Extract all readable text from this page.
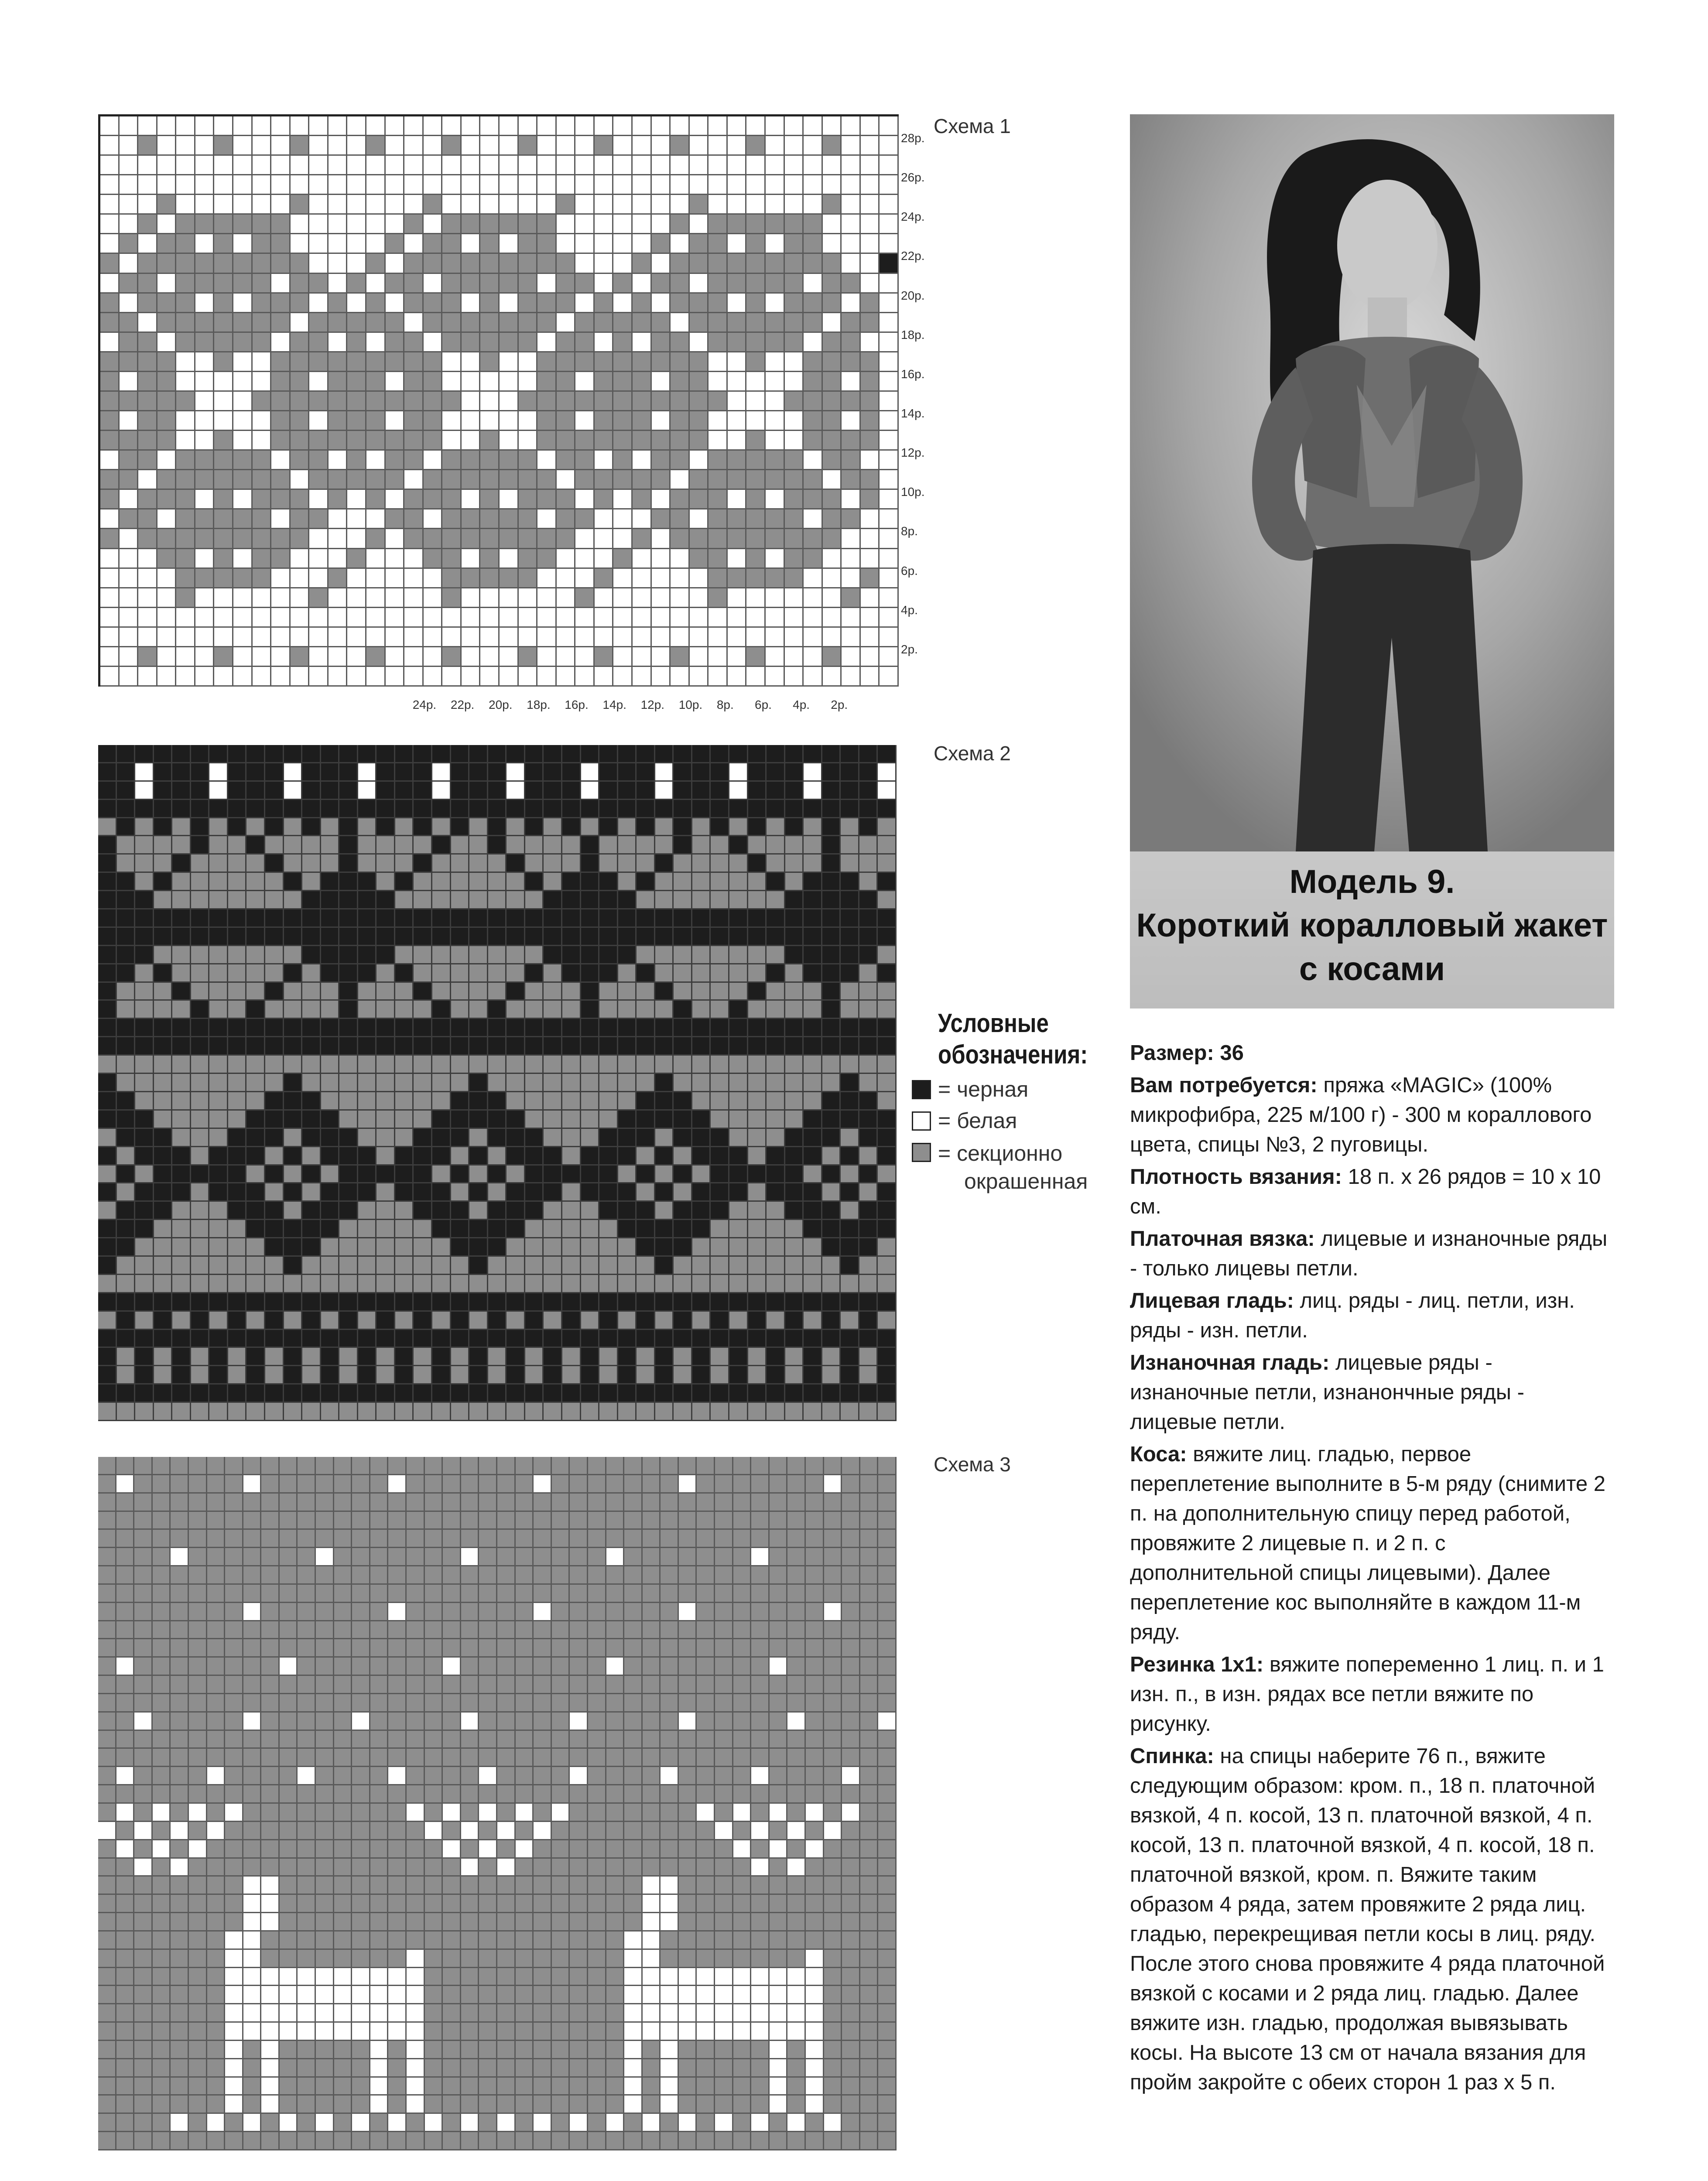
Схема 1
Схема 2
Схема 3
28р.
26р.
24р.
22р.
20р.
18р.
16р.
14р.
12р.
10р.
8р.
6р.
4р.
2р.
24р. 22р. 20р. 18р. 16р. 14р. 12р. 10р. 8р. 6р. 4р. 2р.
Условные
обозначения:
= черная
= белая
= секционно
окрашенная
Модель 9.
Короткий коралловый жакет
с косами

Размер: 36

Вам потребуется: пряжа «MAGIC» (100% микрофибра, 225 м/100 г) - 300 м кораллового цвета, спицы №3, 2 пуговицы.

Плотность вязания: 18 п. х 26 рядов = 10 х 10 см.

Платочная вязка: лицевые и изнаночные ряды - только лицевы петли.

Лицевая гладь: лиц. ряды - лиц. петли, изн. ряды - изн. петли.

Изнаночная гладь: лицевые ряды - изнаночные петли, изнанончные ряды - лицевые петли.

Коса: вяжите лиц. гладью, первое переплетение выполните в 5-м ряду (снимите 2 п. на дополнительную спицу перед работой, провяжите 2 лицевые п. и 2 п. с дополнительной спицы лицевыми). Далее переплетение кос выполняйте в каждом 11-м ряду.

Резинка 1х1: вяжите попеременно 1 лиц. п. и 1 изн. п., в изн. рядах все петли вяжите по рисунку.

Спинка: на спицы наберите 76 п., вяжите следующим образом: кром. п., 18 п. платочной вязкой, 4 п. косой, 13 п. платочной вязкой, 4 п. косой, 13 п. платочной вязкой, 4 п. косой, 18 п. платочной вязкой, кром. п. Вяжите таким образом 4 ряда, затем провяжите 2 ряда лиц. гладью, перекрещивая петли косы в лиц. ряду. После этого снова провяжите 4 ряда платочной вязкой с косами и 2 ряда лиц. гладью. Далее вяжите изн. гладью, продолжая вывязывать косы. На высоте 13 см от начала вязания для пройм закройте с обеих сторон 1 раз х 5 п.
